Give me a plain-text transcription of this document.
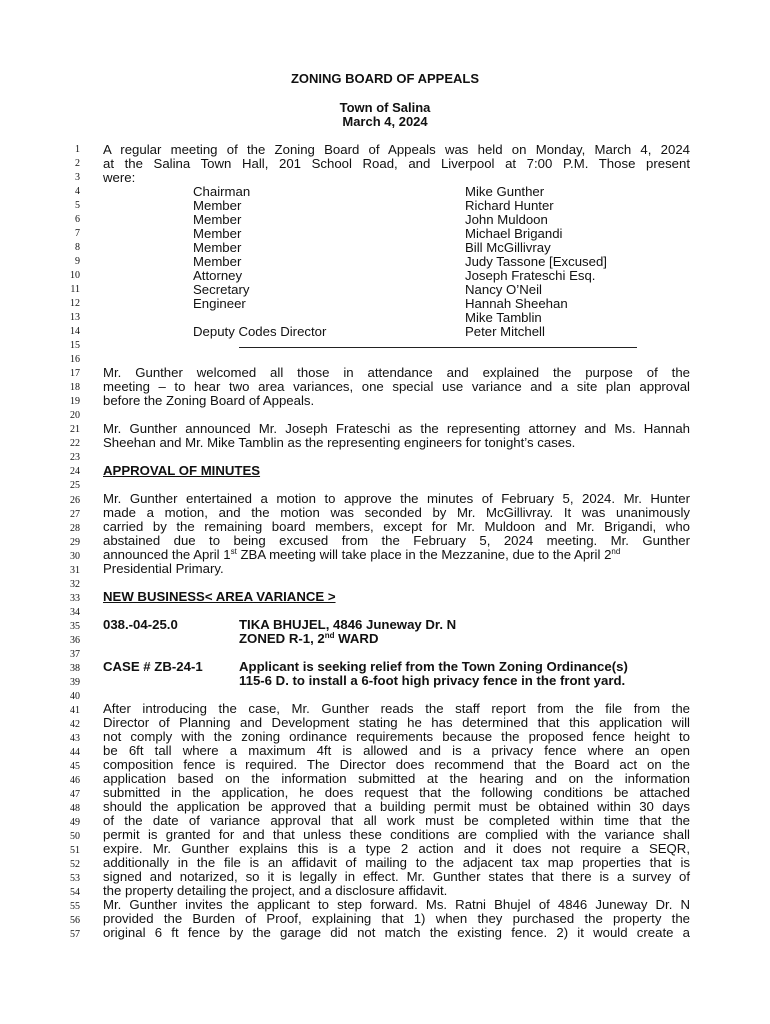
ZONING BOARD OF APPEALS
Town of Salina
March 4, 2024
1
2
3
4
5
6
7
8
9
10
11
12
13
14
15
16
17
18
19
20
21
22
23
24
25
26
27
28
29
30
31
32
33
34
35
36
37
38
39
40
41
42
43
44
45
46
47
48
49
50
51
52
53
54
55
56
57
A regular meeting of the Zoning Board of Appeals was held on Monday, March 4, 2024
at the Salina Town Hall, 201 School Road, and Liverpool at 7:00 P.M. Those present
were:
Chairman	Mike Gunther
Member	Richard Hunter
Member	John Muldoon
Member	Michael Brigandi
Member	Bill McGillivray
Member	Judy Tassone [Excused]
Attorney	Joseph Frateschi Esq.
Secretary	Nancy O’Neil
Engineer	Hannah Sheehan
Mike Tamblin
Deputy Codes Director	Peter Mitchell
Mr. Gunther welcomed all those in attendance and explained the purpose of the
meeting – to hear two area variances, one special use variance and a site plan approval
before the Zoning Board of Appeals.
Mr. Gunther announced Mr. Joseph Frateschi as the representing attorney and Ms. Hannah
Sheehan and Mr. Mike Tamblin as the representing engineers for tonight’s cases.
APPROVAL OF MINUTES
Mr. Gunther entertained a motion to approve the minutes of February 5, 2024. Mr. Hunter
made a motion, and the motion was seconded by Mr. McGillivray. It was unanimously
carried by the remaining board members, except for Mr. Muldoon and Mr. Brigandi, who
abstained due to being excused from the February 5, 2024 meeting. Mr. Gunther
announced the April 1st ZBA meeting will take place in the Mezzanine, due to the April 2nd
Presidential Primary.
NEW BUSINESS< AREA VARIANCE >
038.-04-25.0	TIKA BHUJEL, 4846 Juneway Dr. N
ZONED R-1, 2nd WARD
CASE # ZB-24-1	Applicant is seeking relief from the Town Zoning Ordinance(s)
115-6 D. to install a 6-foot high privacy fence in the front yard.
After introducing the case, Mr. Gunther reads the staff report from the file from the
Director of Planning and Development stating he has determined that this application will
not comply with the zoning ordinance requirements because the proposed fence height to
be 6ft tall where a maximum 4ft is allowed and is a privacy fence where an open
composition fence is required. The Director does recommend that the Board act on the
application based on the information submitted at the hearing and on the information
submitted in the application, he does request that the following conditions be attached
should the application be approved that a building permit must be obtained within 30 days
of the date of variance approval that all work must be completed within time that the
permit is granted for and that unless these conditions are complied with the variance shall
expire. Mr. Gunther explains this is a type 2 action and it does not require a SEQR,
additionally in the file is an affidavit of mailing to the adjacent tax map properties that is
signed and notarized, so it is legally in effect. Mr. Gunther states that there is a survey of
the property detailing the project, and a disclosure affidavit.
Mr. Gunther invites the applicant to step forward. Ms. Ratni Bhujel of 4846 Juneway Dr. N
provided the Burden of Proof, explaining that 1) when they purchased the property the
original 6 ft fence by the garage did not match the existing fence. 2) it would create a
